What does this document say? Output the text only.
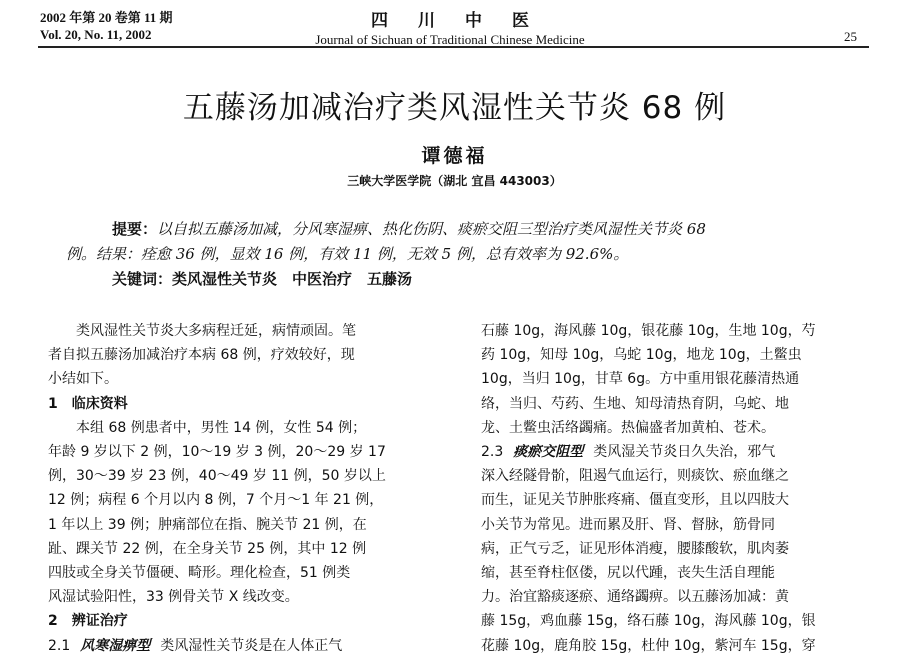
2002 年第 20 卷第 11 期
Vol. 20, No. 11, 2002
四川中医
Journal of Sichuan of Traditional Chinese Medicine	25
五藤汤加减治疗类风湿性关节炎 68 例
谭德福
三峡大学医学院（湖北 宜昌 443003）
提要：以自拟五藤汤加减，分风寒湿痹、热化伤阴、痰瘀交阻三型治疗类风湿性关节炎 68
例。结果：痊愈 36 例，显效 16 例，有效 11 例，无效 5 例，总有效率为 92.6%。
关键词：类风湿性关节炎　中医治疗　五藤汤
类风湿性关节炎大多病程迁延，病情顽固。笔
者自拟五藤汤加减治疗本病 68 例，疗效较好，现
小结如下。
1 临床资料
本组 68 例患者中，男性 14 例，女性 54 例；
年龄 9 岁以下 2 例，10～19 岁 3 例，20～29 岁 17
例，30～39 岁 23 例，40～49 岁 11 例，50 岁以上
12 例；病程 6 个月以内 8 例，7 个月～1 年 21 例，
1 年以上 39 例；肿痛部位在指、腕关节 21 例，在
趾、踝关节 22 例，在全身关节 25 例，其中 12 例
四肢或全身关节僵硬、畸形。理化检查，51 例类
风湿试验阳性，33 例骨关节 X 线改变。
2 辨证治疗
2.1 风寒湿痹型 类风湿性关节炎是在人体正气
石藤 10g，海风藤 10g，银花藤 10g，生地 10g，芍
药 10g，知母 10g，乌蛇 10g，地龙 10g，土鳖虫
10g，当归 10g，甘草 6g。方中重用银花藤清热通
络，当归、芍药、生地、知母清热育阴，乌蛇、地
龙、土鳖虫活络蠲痛。热偏盛者加黄柏、苍术。
2.3 痰瘀交阻型 类风湿关节炎日久失治，邪气
深入经隧骨骱，阻遏气血运行，则痰饮、瘀血继之
而生，证见关节肿胀疼痛、僵直变形，且以四肢大
小关节为常见。进而累及肝、肾、督脉，筋骨同
病，正气亏乏，证见形体消瘦，腰膝酸软，肌肉萎
缩，甚至脊柱伛偻，尻以代踵，丧失生活自理能
力。治宜豁痰逐瘀、通络蠲痹。以五藤汤加减：黄
藤 15g，鸡血藤 15g，络石藤 10g，海风藤 10g，银
花藤 10g，鹿角胶 15g，杜仲 10g，紫河车 15g，穿
